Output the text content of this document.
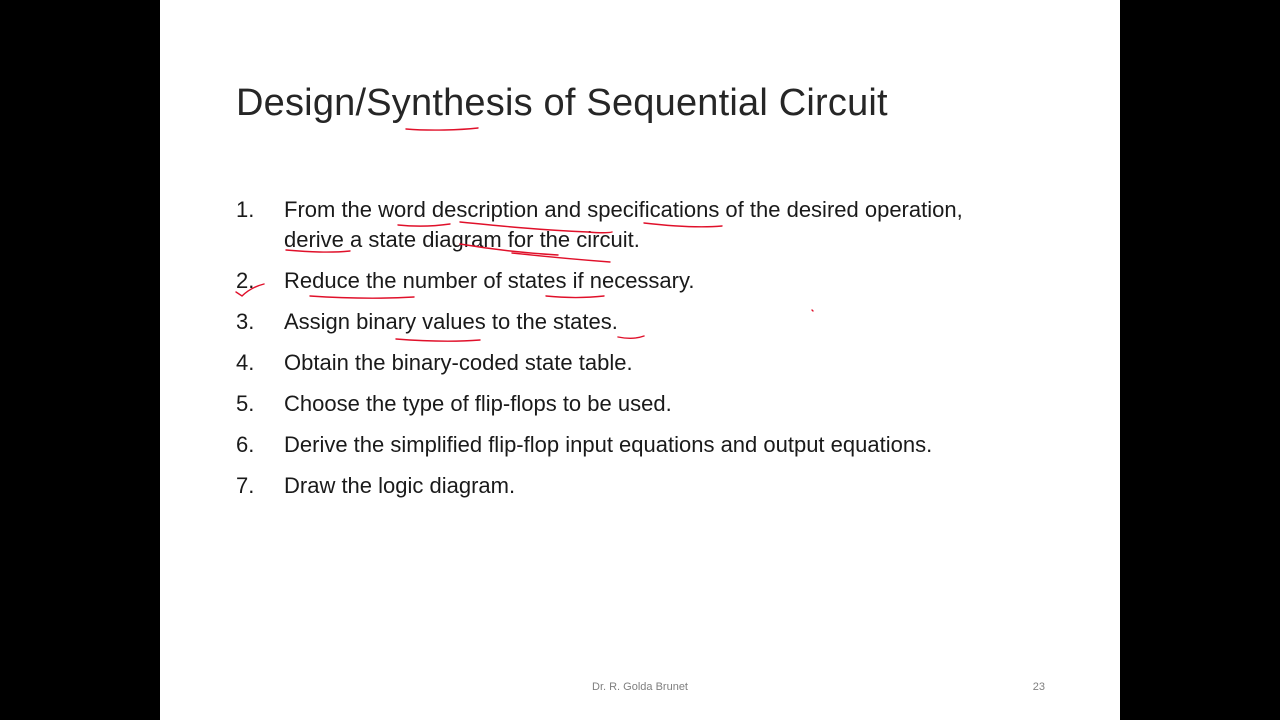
Design/Synthesis of Sequential Circuit
1. From the word description and specifications of the desired operation, derive a state diagram for the circuit.
2. Reduce the number of states if necessary.
3. Assign binary values to the states.
4. Obtain the binary-coded state table.
5. Choose the type of flip-flops to be used.
6. Derive the simplified flip-flop input equations and output equations.
7. Draw the logic diagram.
Dr. R. Golda Brunet	23
